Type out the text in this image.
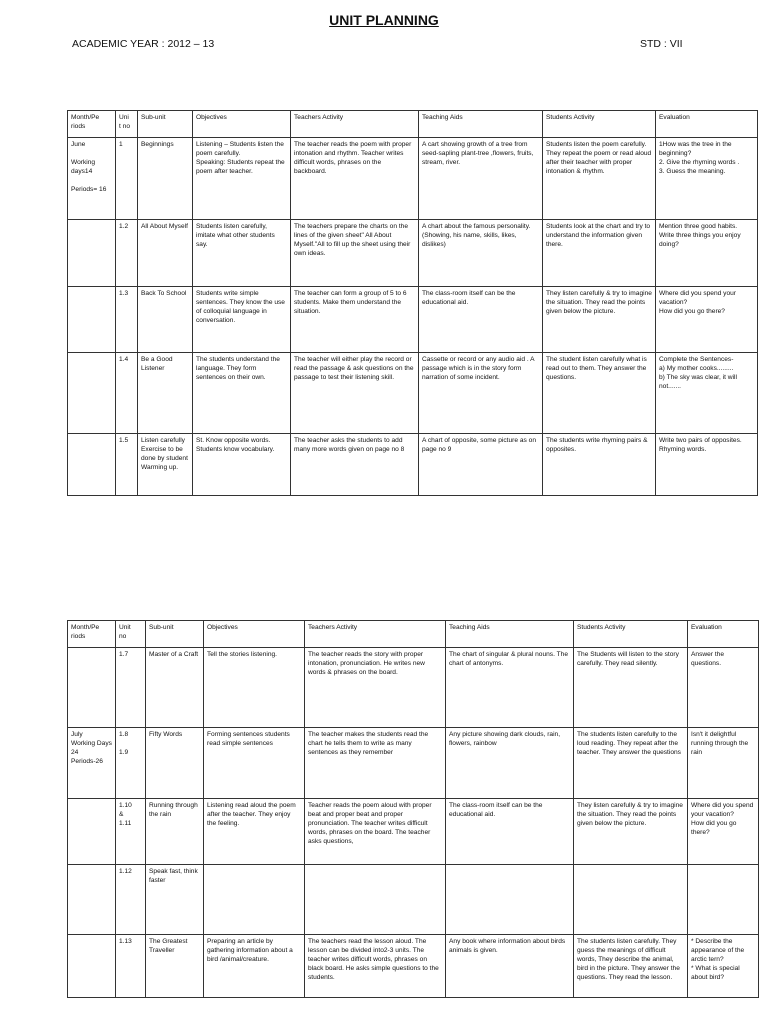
UNIT PLANNING
ACADEMIC YEAR : 2012 – 13	STD : VII
Month/Pe
riods	Uni
t no	Sub-unit	Objectives	Teachers Activity	Teaching Aids	Students Activity	Evaluation

June

Working days14

Periods= 16	1	Beginnings	Listening – Students listen the poem carefully.
Speaking: Students repeat the poem after teacher.	The teacher reads the poem with proper intonation and rhythm. Teacher writes difficult words, phrases on the backboard.	A cart showing growth of a tree from seed-sapling plant-tree ,flowers, fruits, stream, river.	Students listen the poem carefully. They repeat the poem or read aloud after their teacher with proper intonation & rhythm.	1How was the tree in the beginning?
2. Give the rhyming words .
3. Guess the meaning.

	1.2	All About Myself	Students listen carefully, imitate what other students say.	The teachers prepare the charts on the lines of the given sheet" All About Myself."All to fill up the sheet using their own ideas.	A chart about the famous personality.(Showing, his name, skills, likes, dislikes)	Students look at the chart and try to understand the information given there.	Mention three good habits.
Write three things you enjoy doing?

	1.3	Back To School	Students write simple sentences. They know the use of colloquial language in conversation.	The teacher can form a group of 5 to 6 students. Make them understand the situation.	The class-room itself can be the educational aid.	They listen carefully & try to imagine the situation. They read the points given below the picture.	Where did you spend your vacation?
How did you go there?

	1.4	Be a Good Listener	The students understand the language. They form sentences on their own.	The teacher will either play the record or read the passage & ask questions on the passage to test their listening skill.	Cassette or record or any audio aid . A passage which is in the story form narration of some incident.	The student listen carefully what is read out to them. They answer the questions.	Complete the Sentences-
a) My mother cooks.........
b) The sky was clear, it will not.......

	1.5	Listen carefully Exercise to be done by student Warming up.	St. Know opposite words. Students know vocabulary.	The teacher asks the students to add many more words given on page no 8	A chart of opposite, some picture as on page no 9	The students write rhyming pairs & opposites.	Write two pairs of opposites.
Rhyming words.
Month/Pe
riods	Unit
no	Sub-unit	Objectives	Teachers Activity	Teaching Aids	Students Activity	Evaluation

	1.7	Master of a Craft	Tell the stories listening.	The teacher reads the story with proper intonation, pronunciation. He writes new words & phrases on the board.	The chart of singular & plural nouns. The chart of antonyms.	The Students will listen to the story carefully. They read silently.	Answer the questions.

July
Working Days 24
Periods-26	1.8

1.9	Fifty Words	Forming sentences students read simple sentences	The teacher makes the students read the chart he tells them to write as many sentences as they remember	Any picture showing dark clouds, rain, flowers, rainbow	The students listen carefully to the loud reading. They repeat after the teacher. They answer the questions	Isn't it delightful running through the rain

	1.10
&
1.11	Running through the rain	Listening read aloud the poem after the teacher. They enjoy the feeling.	Teacher reads the poem aloud with proper beat and proper beat and proper pronunciation. The teacher writes difficult words, phrases on the board. The teacher asks questions,	The class-room itself can be the educational aid.	They listen carefully & try to imagine the situation. They read the points given below the picture.	Where did you spend your vacation?
How did you go there?

	1.12	Speak fast, think faster					

	1.13	The Greatest Traveller	Preparing an article by gathering information about a bird /animal/creature.	The teachers read the lesson aloud. The lesson can be divided into2-3 units. The teacher writes difficult words, phrases on black board. He asks simple questions to the students.	Any book where information about birds animals is given.	The students listen carefully. They guess the meanings of difficult words, They describe the animal, bird in the picture. They answer the questions. They read the lesson.	* Describe the appearance of the arctic tern?
* What is special about bird?
